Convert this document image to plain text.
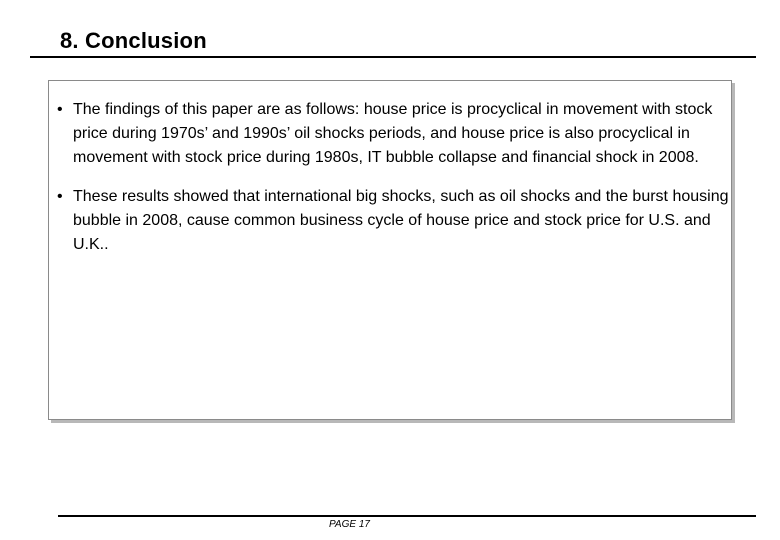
8. Conclusion
• The findings of this paper are as follows: house price is procyclical in movement with stock price during 1970s’ and 1990s’ oil shocks periods, and house price is also procyclical in movement with stock price during 1980s, IT bubble collapse and financial shock in 2008.
• These results showed that international big shocks, such as oil shocks and the burst housing bubble in 2008, cause common business cycle of house price and stock price for U.S. and U.K..
PAGE 17
